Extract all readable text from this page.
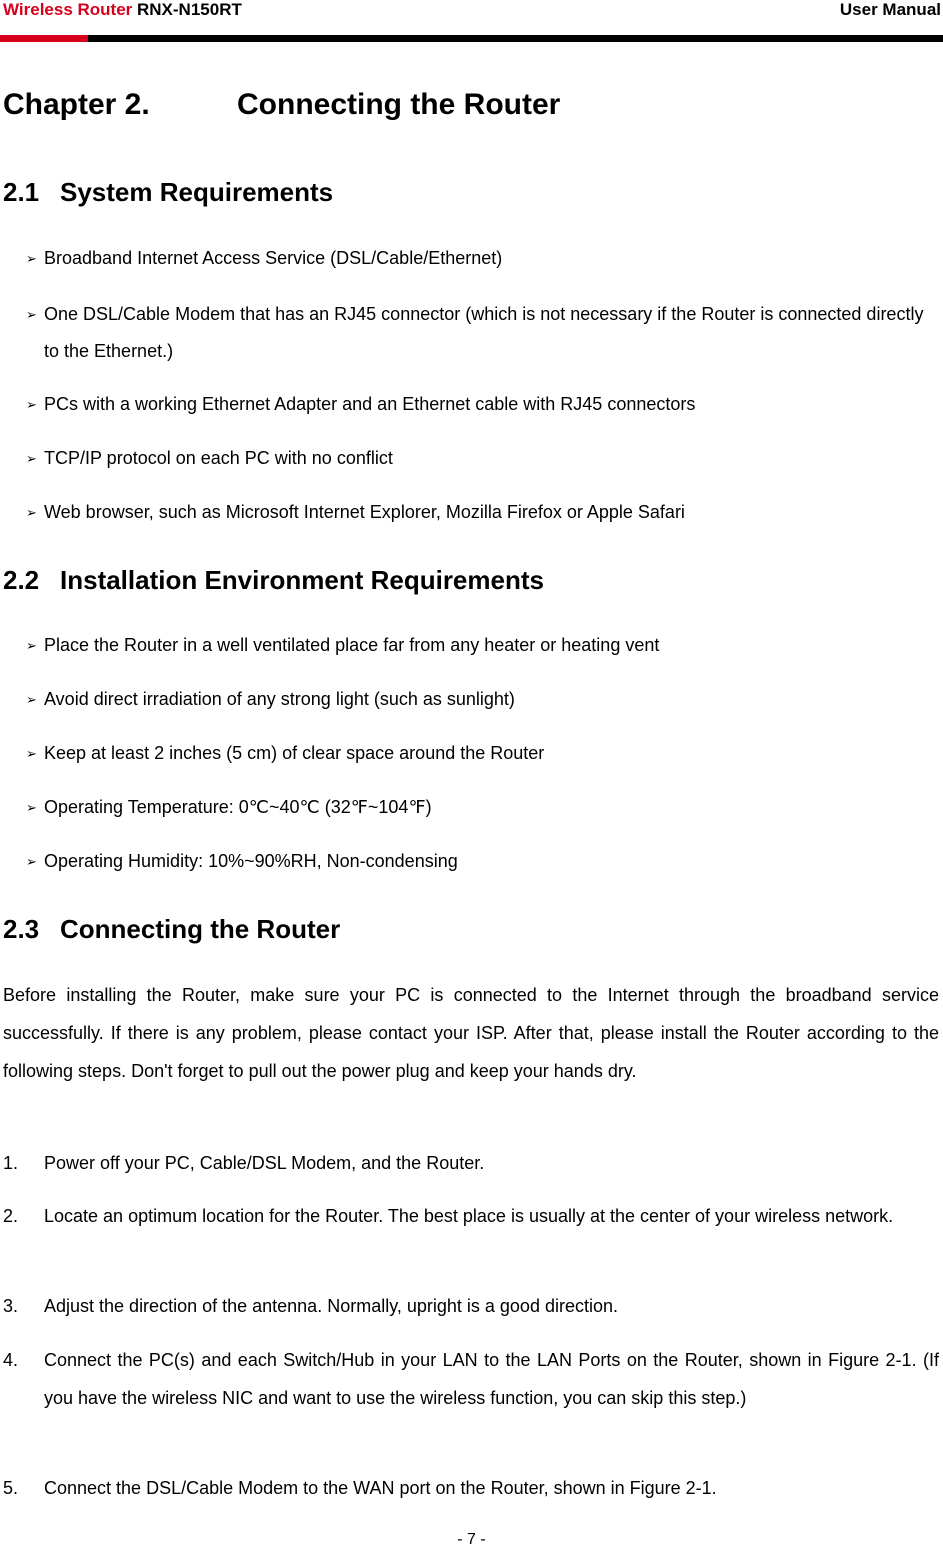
Wireless Router RNX-N150RT	User Manual
Chapter 2.	Connecting the Router
2.1 System Requirements
➢ Broadband Internet Access Service (DSL/Cable/Ethernet)
➢ One DSL/Cable Modem that has an RJ45 connector (which is not necessary if the Router is connected directly to the Ethernet.)
➢ PCs with a working Ethernet Adapter and an Ethernet cable with RJ45 connectors
➢ TCP/IP protocol on each PC with no conflict
➢ Web browser, such as Microsoft Internet Explorer, Mozilla Firefox or Apple Safari
2.2 Installation Environment Requirements
➢ Place the Router in a well ventilated place far from any heater or heating vent
➢ Avoid direct irradiation of any strong light (such as sunlight)
➢ Keep at least 2 inches (5 cm) of clear space around the Router
➢ Operating Temperature: 0℃~40℃ (32℉~104℉)
➢ Operating Humidity: 10%~90%RH, Non-condensing
2.3 Connecting the Router
Before installing the Router, make sure your PC is connected to the Internet through the broadband service successfully. If there is any problem, please contact your ISP. After that, please install the Router according to the following steps. Don't forget to pull out the power plug and keep your hands dry.
1. Power off your PC, Cable/DSL Modem, and the Router.
2. Locate an optimum location for the Router. The best place is usually at the center of your wireless network.
3. Adjust the direction of the antenna. Normally, upright is a good direction.
4. Connect the PC(s) and each Switch/Hub in your LAN to the LAN Ports on the Router, shown in Figure 2-1. (If you have the wireless NIC and want to use the wireless function, you can skip this step.)
5. Connect the DSL/Cable Modem to the WAN port on the Router, shown in Figure 2-1.
- 7 -
